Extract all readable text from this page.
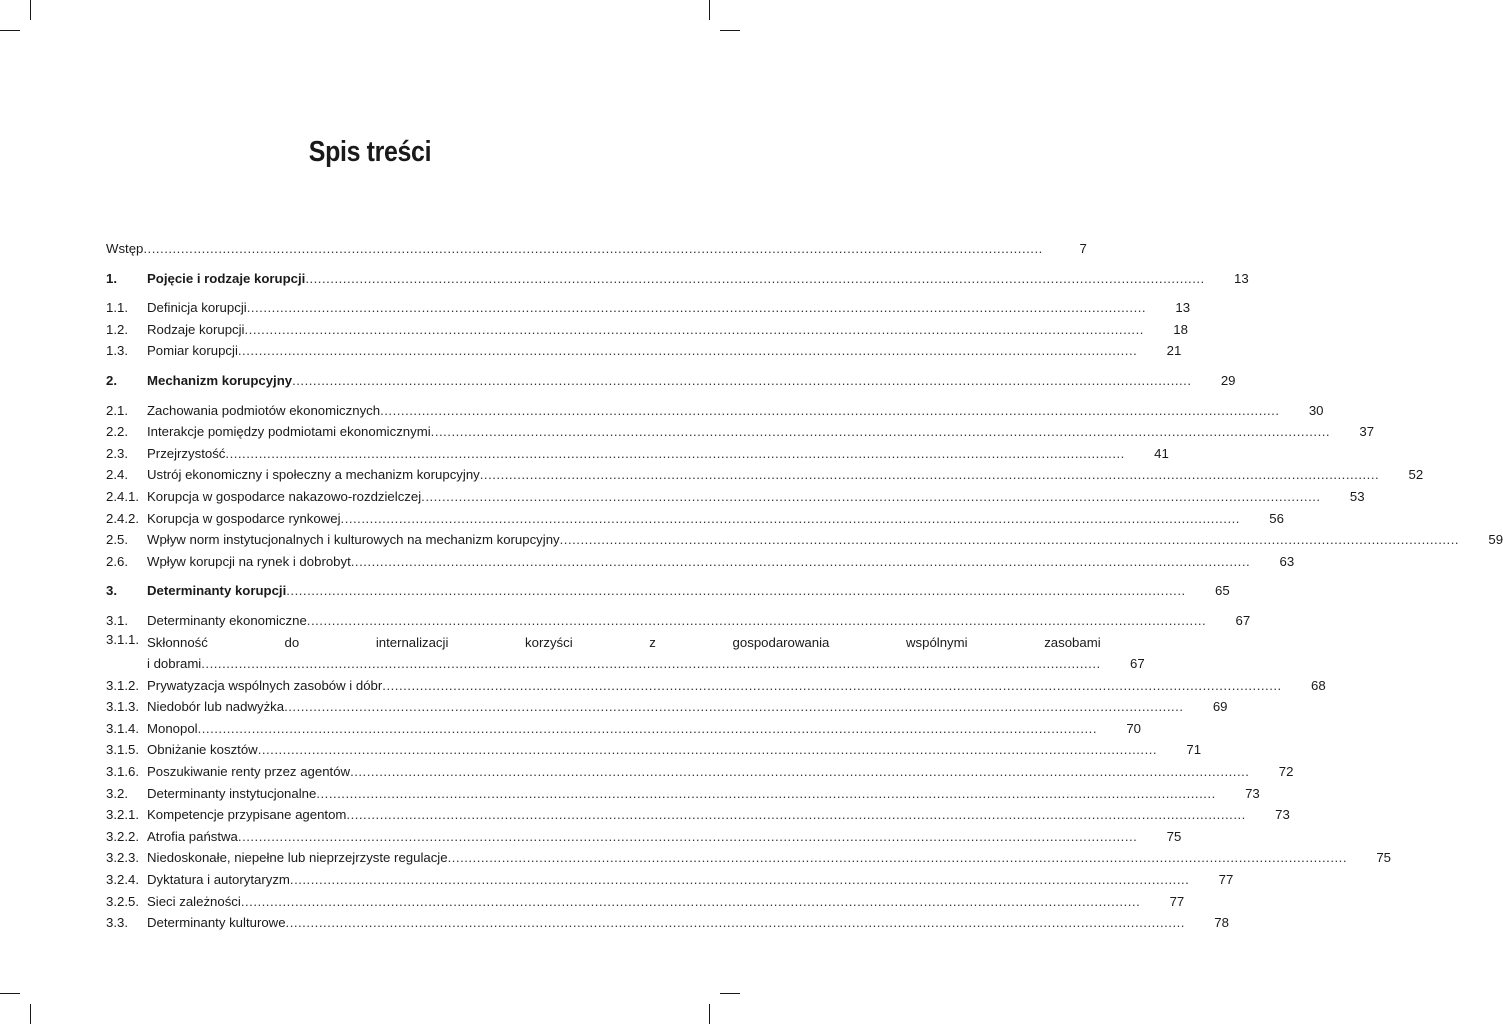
Spis treści
Wstęp .....	7
1.	Pojęcie i rodzaje korupcji .....	13
1.1.	Definicja korupcji .....	13
1.2.	Rodzaje korupcji .....	18
1.3.	Pomiar korupcji .....	21
2.	Mechanizm korupcyjny .....	29
2.1.	Zachowania podmiotów ekonomicznych .....	30
2.2.	Interakcje pomiędzy podmiotami ekonomicznymi .....	37
2.3.	Przejrzystość .....	41
2.4.	Ustrój ekonomiczny i społeczny a mechanizm korupcyjny .....	52
2.4.1. Korupcja w gospodarce nakazowo-rozdzielczej .....	53
2.4.2. Korupcja w gospodarce rynkowej .....	56
2.5.	Wpływ norm instytucjonalnych i kulturowych na mechanizm korupcyjny .....	59
2.6.	Wpływ korupcji na rynek i dobrobyt .....	63
3.	Determinanty korupcji .....	65
3.1.	Determinanty ekonomiczne .....	67
3.1.1. Skłonność do internalizacji korzyści z gospodarowania wspólnymi zasobami
i dobrami .....	67
3.1.2. Prywatyzacja wspólnych zasobów i dóbr .....	68
3.1.3. Niedobór lub nadwyżka .....	69
3.1.4. Monopol .....	70
3.1.5. Obniżanie kosztów .....	71
3.1.6. Poszukiwanie renty przez agentów .....	72
3.2.	Determinanty instytucjonalne .....	73
3.2.1. Kompetencje przypisane agentom .....	73
3.2.2. Atrofia państwa .....	75
3.2.3. Niedoskonałe, niepełne lub nieprzejrzyste regulacje .....	75
3.2.4. Dyktatura i autorytaryzm .....	77
3.2.5. Sieci zależności .....	77
3.3.	Determinanty kulturowe .....	78
